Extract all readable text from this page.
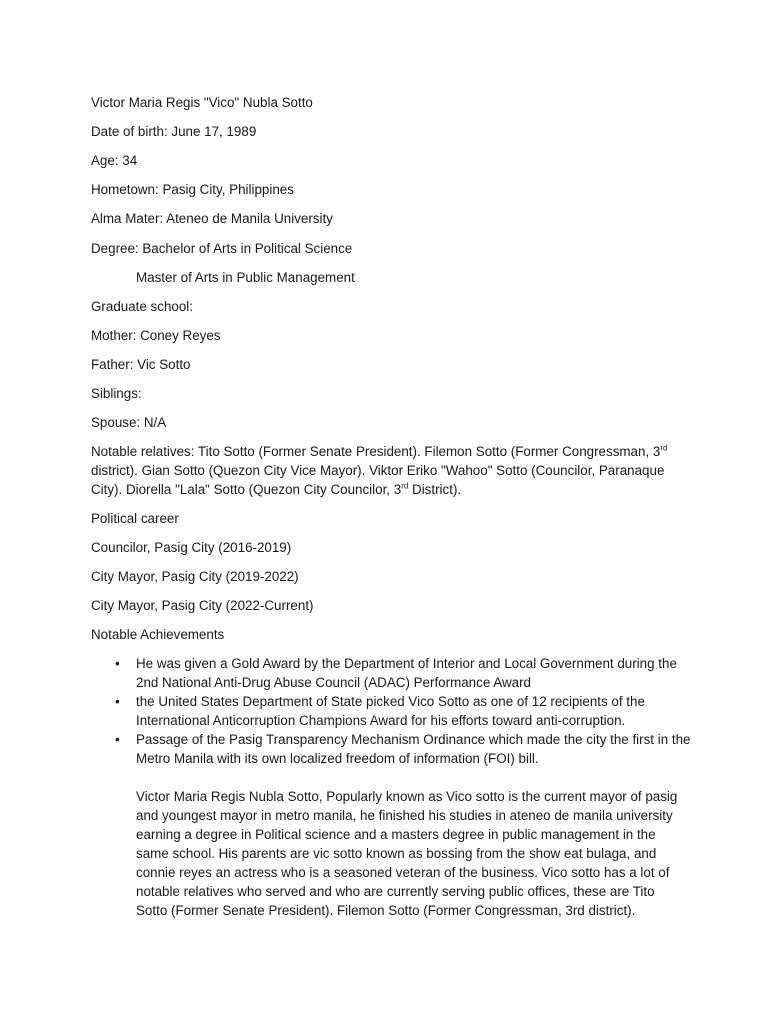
Victor Maria Regis "Vico" Nubla Sotto
Date of birth: June 17, 1989
Age: 34
Hometown: Pasig City, Philippines
Alma Mater: Ateneo de Manila University
Degree: Bachelor of Arts in Political Science
Master of Arts in Public Management
Graduate school:
Mother: Coney Reyes
Father: Vic Sotto
Siblings:
Spouse: N/A
Notable relatives: Tito Sotto (Former Senate President). Filemon Sotto (Former Congressman, 3rd district). Gian Sotto (Quezon City Vice Mayor). Viktor Eriko "Wahoo" Sotto (Councilor, Paranaque City). Diorella "Lala" Sotto (Quezon City Councilor, 3rd District).
Political career
Councilor, Pasig City (2016-2019)
City Mayor, Pasig City (2019-2022)
City Mayor, Pasig City (2022-Current)
Notable Achievements
• He was given a Gold Award by the Department of Interior and Local Government during the 2nd National Anti-Drug Abuse Council (ADAC) Performance Award
• the United States Department of State picked Vico Sotto as one of 12 recipients of the International Anticorruption Champions Award for his efforts toward anti-corruption.
• Passage of the Pasig Transparency Mechanism Ordinance which made the city the first in the Metro Manila with its own localized freedom of information (FOI) bill.
Victor Maria Regis Nubla Sotto, Popularly known as Vico sotto is the current mayor of pasig and youngest mayor in metro manila, he finished his studies in ateneo de manila university earning a degree in Political science and a masters degree in public management in the same school. His parents are vic sotto known as bossing from the show eat bulaga, and connie reyes an actress who is a seasoned veteran of the business. Vico sotto has a lot of notable relatives who served and who are currently serving public offices, these are Tito Sotto (Former Senate President). Filemon Sotto (Former Congressman, 3rd district).
